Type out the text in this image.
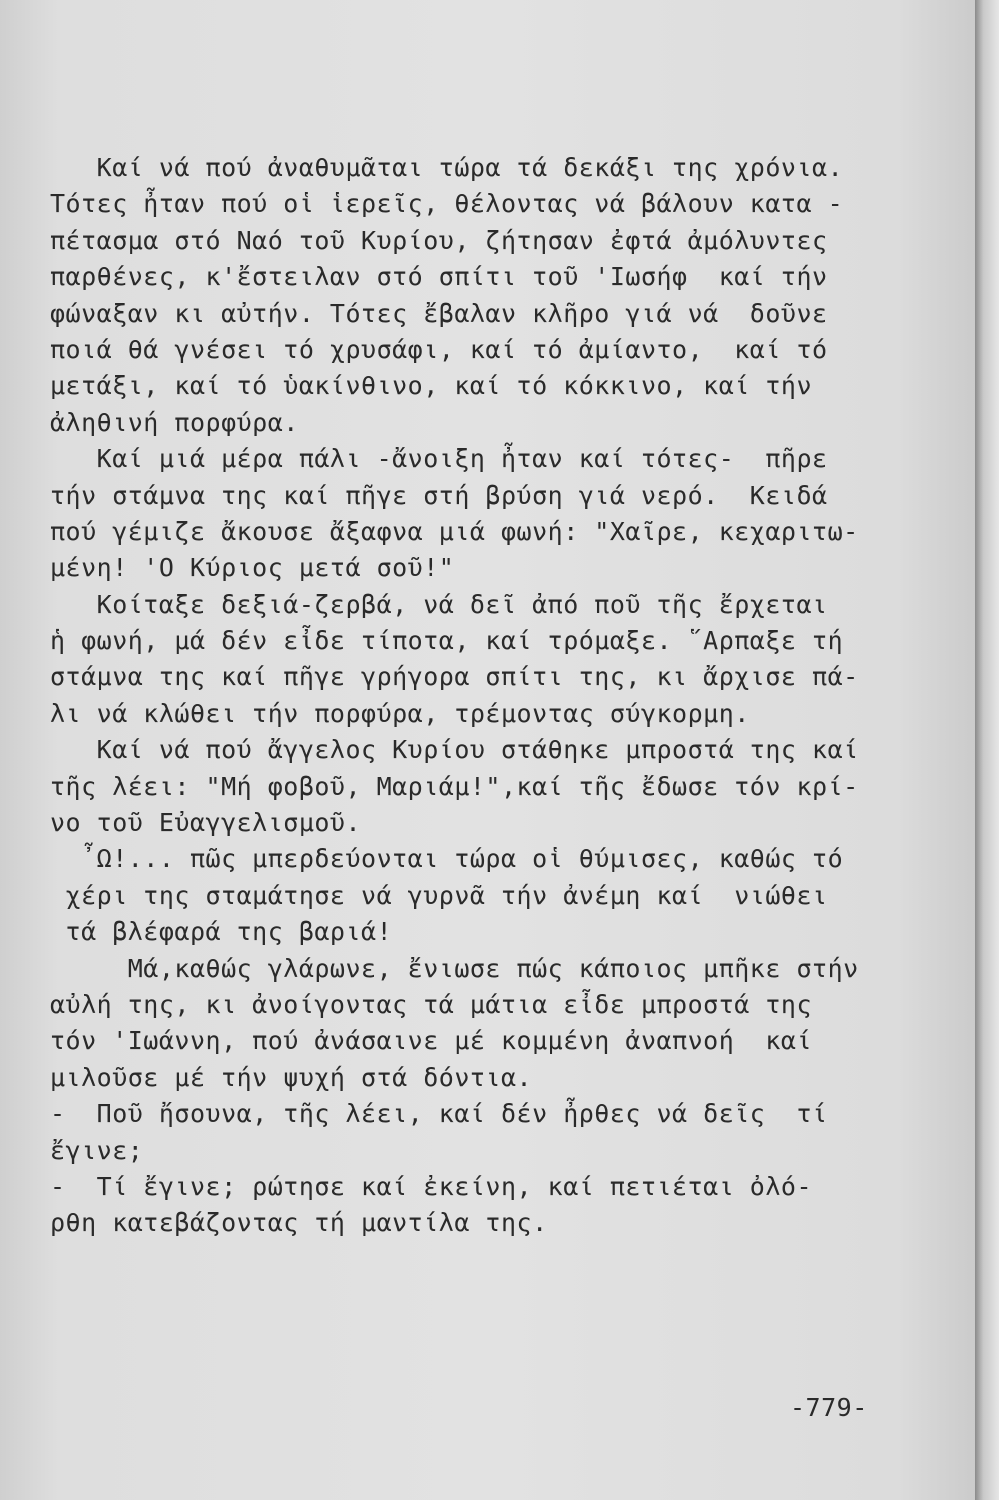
Καί νά πού ἀναθυμᾶται τώρα τά δεκάξι της χρόνια.
Τότες ἦταν πού οἱ ἱερεῖς, θέλοντας νά βάλουν κατα -
πέτασμα στό Ναό τοῦ Κυρίου, ζήτησαν ἐφτά ἀμόλυντες
παρθένες, κ'ἔστειλαν στό σπίτι τοῦ 'Ιωσήφ  καί τήν
φώναξαν κι αὐτήν. Τότες ἔβαλαν κλῆρο γιά νά  δοῦνε
ποιά θά γνέσει τό χρυσάφι, καί τό ἀμίαντο,  καί τό
μετάξι, καί τό ὑακίνθινο, καί τό κόκκινο, καί τήν
ἀληθινή πορφύρα.
Καί μιά μέρα πάλι -ἄνοιξη ἦταν καί τότες-  πῆρε
τήν στάμνα της καί πῆγε στή βρύση γιά νερό.  Κειδά
πού γέμιζε ἄκουσε ἄξαφνα μιά φωνή: "Χαῖρε, κεχαριτω-
μένη! 'Ο Κύριος μετά σοῦ!"
Κοίταξε δεξιά-ζερβά, νά δεῖ ἀπό ποῦ τῆς ἔρχεται
ἡ φωνή, μά δέν εἶδε τίποτα, καί τρόμαξε. ῞Αρπαξε τή
στάμνα της καί πῆγε γρήγορα σπίτι της, κι ἄρχισε πά-
λι νά κλώθει τήν πορφύρα, τρέμοντας σύγκορμη.
Καί νά πού ἄγγελος Κυρίου στάθηκε μπροστά της καί
τῆς λέει: "Μή φοβοῦ, Μαριάμ!",καί τῆς ἔδωσε τόν κρί-
νο τοῦ Εὐαγγελισμοῦ.
῏Ω!... πῶς μπερδεύονται τώρα οἱ θύμισες, καθώς τό
χέρι της σταμάτησε νά γυρνᾶ τήν ἀνέμη καί  νιώθει
τά βλέφαρά της βαριά!
Μά,καθώς γλάρωνε, ἔνιωσε πώς κάποιος μπῆκε στήν
αὐλή της, κι ἀνοίγοντας τά μάτια εἶδε μπροστά της
τόν 'Ιωάννη, πού ἀνάσαινε μέ κομμένη ἀναπνοή  καί
μιλοῦσε μέ τήν ψυχή στά δόντια.
-  Ποῦ ἤσουνα, τῆς λέει, καί δέν ἦρθες νά δεῖς  τί
ἔγινε;
-  Τί ἔγινε; ρώτησε καί ἐκείνη, καί πετιέται ὀλό-
ρθη κατεβάζοντας τή μαντίλα της.
-779-
